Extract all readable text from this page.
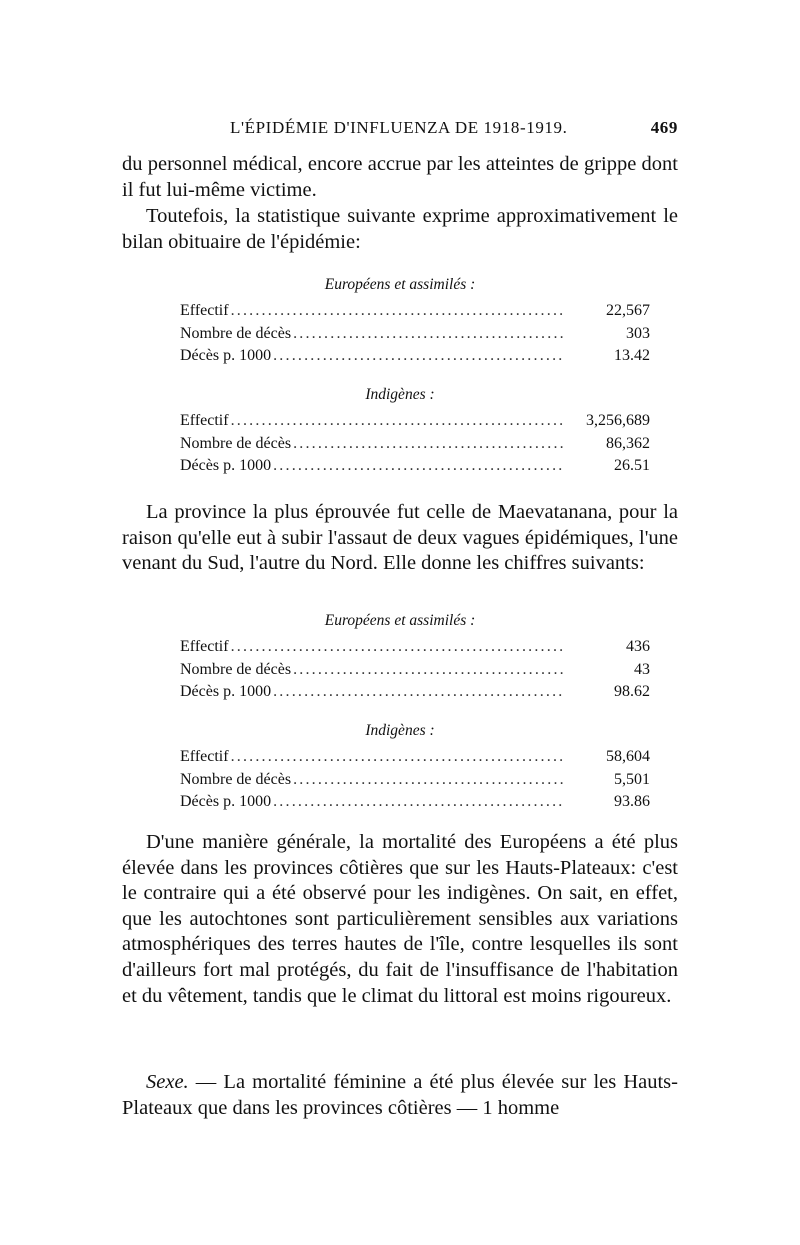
L'ÉPIDÉMIE D'INFLUENZA DE 1918-1919.	469

du personnel médical, encore accrue par les atteintes de grippe dont il fut lui-même victime.

Toutefois, la statistique suivante exprime approximativement le bilan obituaire de l'épidémie:

Européens et assimilés :

Effectif .....	22,567
Nombre de décès .....	303
Décès p. 1000 .....	13.42

Indigènes :

Effectif .....	3,256,689
Nombre de décès .....	86,362
Décès p. 1000 .....	26.51

La province la plus éprouvée fut celle de Maevatanana, pour la raison qu'elle eut à subir l'assaut de deux vagues épidémiques, l'une venant du Sud, l'autre du Nord. Elle donne les chiffres suivants:

Européens et assimilés :

Effectif .....	436
Nombre de décès .....	43
Décès p. 1000 .....	98.62

Indigènes :

Effectif .....	58,604
Nombre de décès .....	5,501
Décès p. 1000 .....	93.86

D'une manière générale, la mortalité des Européens a été plus élevée dans les provinces côtières que sur les Hauts-Plateaux: c'est le contraire qui a été observé pour les indigènes. On sait, en effet, que les autochtones sont particulièrement sensibles aux variations atmosphériques des terres hautes de l'île, contre lesquelles ils sont d'ailleurs fort mal protégés, du fait de l'insuffisance de l'habitation et du vêtement, tandis que le climat du littoral est moins rigoureux.

Sexe. — La mortalité féminine a été plus élevée sur les Hauts-Plateaux que dans les provinces côtières — 1 homme
